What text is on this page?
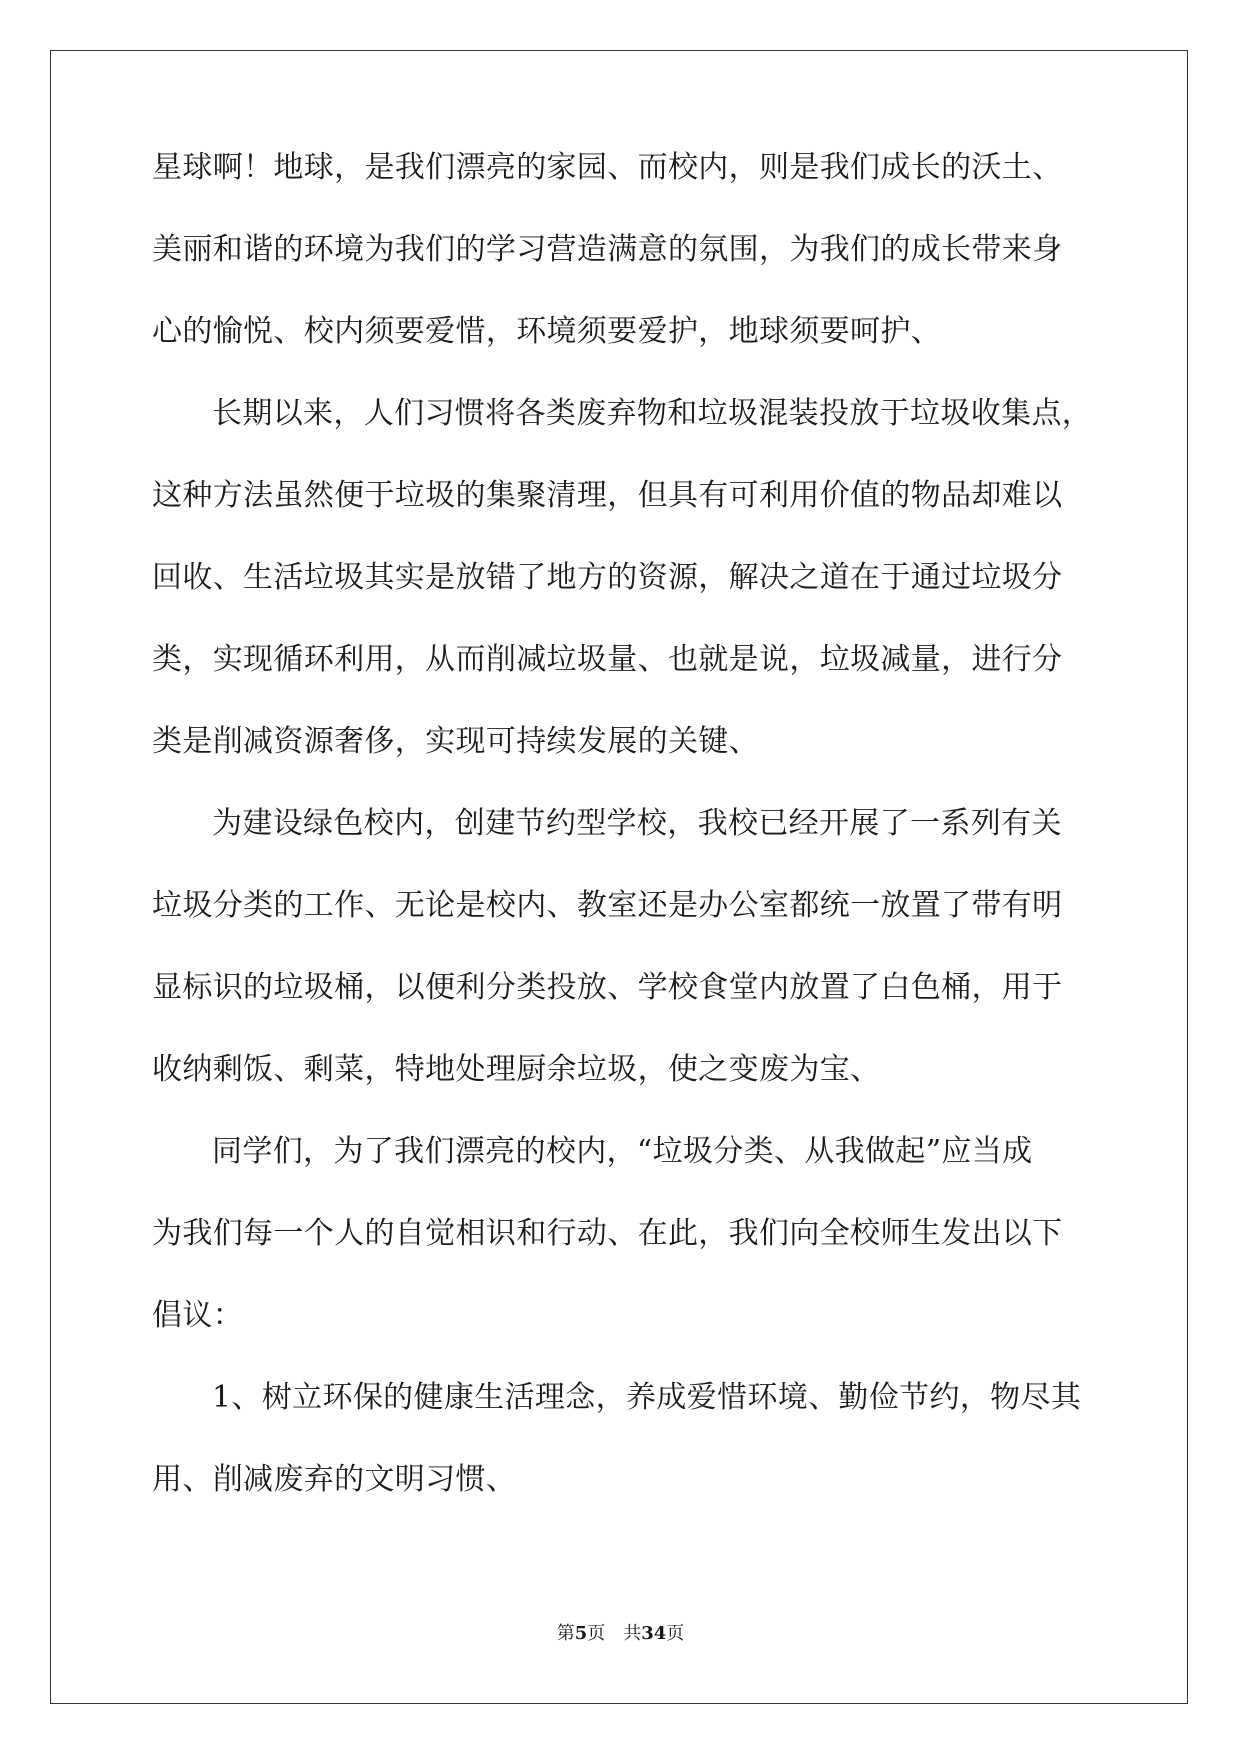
星球啊！地球，是我们漂亮的家园、而校内，则是我们成长的沃土、
美丽和谐的环境为我们的学习营造满意的氛围，为我们的成长带来身
心的愉悦、校内须要爱惜，环境须要爱护，地球须要呵护、
长期以来，人们习惯将各类废弃物和垃圾混装投放于垃圾收集点，
这种方法虽然便于垃圾的集聚清理，但具有可利用价值的物品却难以
回收、生活垃圾其实是放错了地方的资源，解决之道在于通过垃圾分
类，实现循环利用，从而削减垃圾量、也就是说，垃圾减量，进行分
类是削减资源奢侈，实现可持续发展的关键、
为建设绿色校内，创建节约型学校，我校已经开展了一系列有关
垃圾分类的工作、无论是校内、教室还是办公室都统一放置了带有明
显标识的垃圾桶，以便利分类投放、学校食堂内放置了白色桶，用于
收纳剩饭、剩菜，特地处理厨余垃圾，使之变废为宝、
同学们，为了我们漂亮的校内，“垃圾分类、从我做起”应当成
为我们每一个人的自觉相识和行动、在此，我们向全校师生发出以下
倡议：
1、树立环保的健康生活理念，养成爱惜环境、勤俭节约，物尽其
用、削减废弃的文明习惯、
第5页 共34页
